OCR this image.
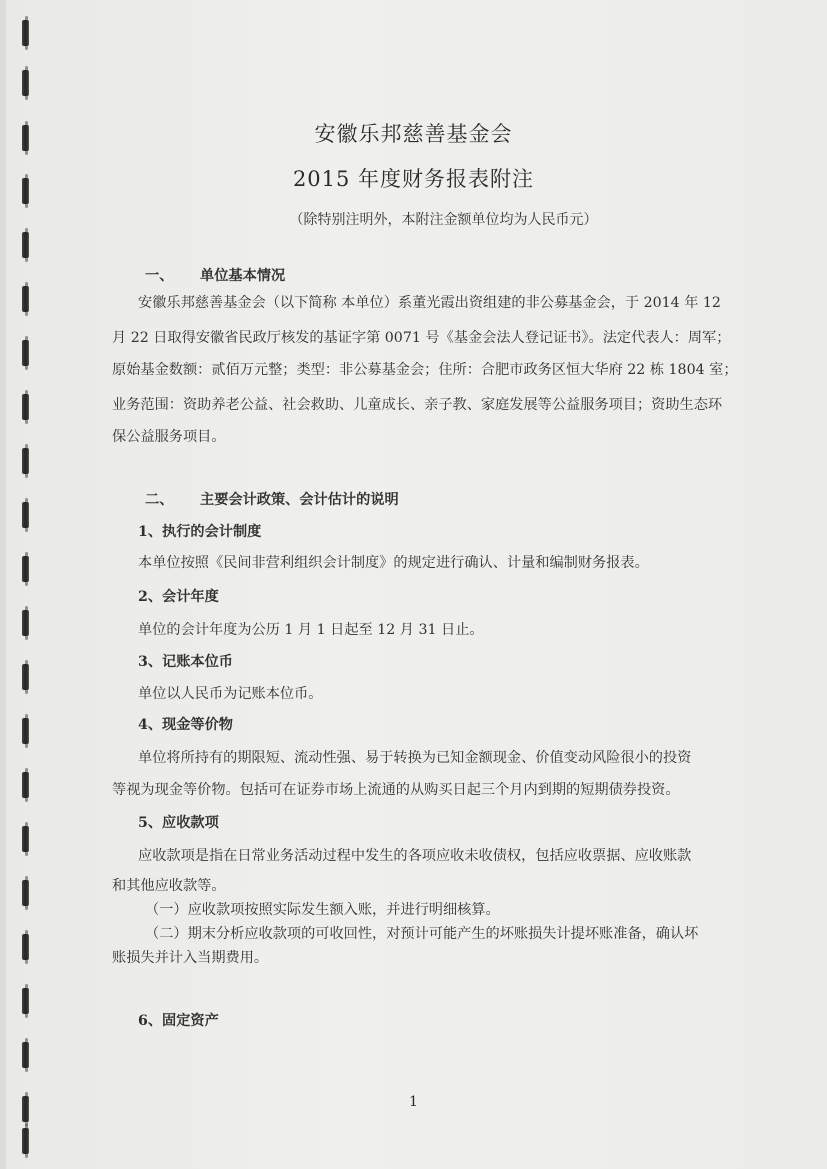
安徽乐邦慈善基金会
2015 年度财务报表附注
（除特别注明外，本附注金额单位均为人民币元）
一、 单位基本情况
安徽乐邦慈善基金会（以下简称 本单位）系董光霞出资组建的非公募基金会，于 2014 年 12
月 22 日取得安徽省民政厅核发的基证字第 0071 号《基金会法人登记证书》。法定代表人：周军；
原始基金数额：贰佰万元整；类型：非公募基金会；住所：合肥市政务区恒大华府 22 栋 1804 室；
业务范围：资助养老公益、社会救助、儿童成长、亲子教、家庭发展等公益服务项目；资助生态环
保公益服务项目。
二、 主要会计政策、会计估计的说明
1、执行的会计制度
本单位按照《民间非营利组织会计制度》的规定进行确认、计量和编制财务报表。
2、会计年度
单位的会计年度为公历 1 月 1 日起至 12 月 31 日止。
3、记账本位币
单位以人民币为记账本位币。
4、现金等价物
单位将所持有的期限短、流动性强、易于转换为已知金额现金、价值变动风险很小的投资
等视为现金等价物。包括可在证券市场上流通的从购买日起三个月内到期的短期债券投资。
5、应收款项
应收款项是指在日常业务活动过程中发生的各项应收未收债权，包括应收票据、应收账款
和其他应收款等。
（一）应收款项按照实际发生额入账，并进行明细核算。
（二）期末分析应收款项的可收回性，对预计可能产生的坏账损失计提坏账准备，确认坏
账损失并计入当期费用。
6、固定资产
1
